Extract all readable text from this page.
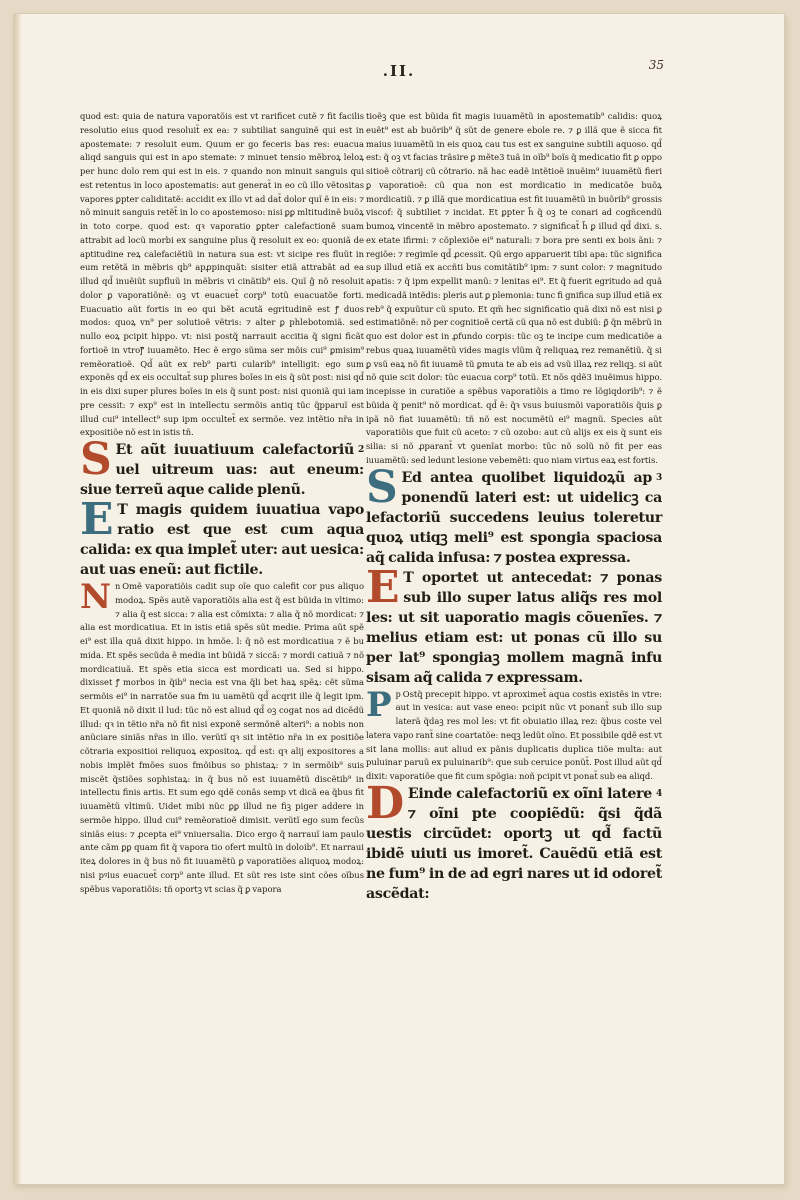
.II.	35
quod est: quia de natura vaporatõis est vt rarificet cutẽ ⁊ fit facilis resolutio eius quod resoluit̃ ex ea: ⁊ subtiliat sanguinẽ qui est in apostemate: ⁊ resoluit eum. Quum er go feceris bas res: euacua aliqd sanguis qui est in apo stemate: ⁊ minuet tensio mẽbroꝝ leloꝝ per hunc dolo rem qui est in eis. ⁊ quando non minuit sanguis qui est retentus in loco apostematis: aut generat̃ in eo cũ illo vẽtositas vapores ꝑpter caliditatẽ: accidit ex illo vt ad dat̃ dolor quĩ ẽ in eis: ⁊ nõ minuit sanguis retẽt̃ in lo co apostemoso: nisi ꝑꝑ mltitudinẽ buõꝝ in toto corpe. quod est: qꝛ vaporatio ꝑpter calefactionẽ suam attrabit ad locũ morbi ex sanguine plus q̃ resoluit ex eo: quoniã de aptitudine reꝝ calefaciẽtiũ in natura sua est: vt sicipe res fluũt in eum retẽtã in mẽbris qb⁹ apꝓpinquãt: sisiter etiã attrabãt ad ea illud qd̃ inuẽiũt supfluũ in mẽbris vi cinãtib⁹ eis. Quĩ ĝ nõ resoluit dolor ꝑ vaporatiõnẽ: oꝫ vt euacuet̃ corp⁹ totũ euacuatõe forti. Euacuatio aũt fortis in eo qui bẽt acutã egritudinẽ est ꝭ duos modos: quoꝝ vn⁹ per solutioẽ vẽtris: ⁊ alter ꝑ phlebotomiã. sed nullo eoꝝ pcipit hippo. vt: nisi postq̃ narrauit accitia q̃ signi ficãt fortioẽ in vtroꝭ̃ iuuamẽto. Hec ẽ ergo sũma ser mõis cui⁹ ꝑmisim⁹ remẽoratioẽ. Qd̃ aũt ex reb⁹ parti cularib⁹ intelligit: ego sum exponẽs qd̃ ex eis occultat̃ sup plures boĩes in eis q̃ sũt post: nisi qd̃ in eis dixi super plures boĩes in eis q̃ sunt post: nisi quoniã qui iam pre cessit: ⁊ exp⁹ est in intellectu sermõis antiq tũc q̃pparuĩ est illud cui⁹ intellect⁹ sup ipm occultet̃ ex sermõe. vez intẽtio nr̃a in expositiõe nõ est in istis tñ.
2
S Et aũt iuuatiuum calefactoriũ uel uitreum uas: aut eneum: siue terreũ aque calide plenũ.
E T magis quidem iuuatiua vapo ratio est que est cum aqua calida: ex qua implet̃ uter: aut uesica: aut uas eneũ: aut fictile.
N n Omẽ vaporatiõis cadit sup oĩe quo calefit cor pus aliquo modoꝝ. Spẽs autẽ vaporatiõis alia est q̃ est bũida in vltimo: ⁊ alia q̃ est sicca: ⁊ alia est cõmixta: ⁊ alia q̃ nõ mordicat: ⁊ alia est mordicatiua. Et in istis etiã spẽs sũt medie. Prima aũt spẽ ei⁹ est illa quã dixit hippo. in hmõe. l: q̃ nõ est mordicatiua ⁊ ẽ bu mida. Et spẽs secũda ẽ media int bũidã ⁊ siccã: ⁊ mordi catiuã ⁊ nõ mordicatiuã. Et spẽs etia sicca est mordicati ua. Sed si hippo. dixisset ꝭ morbos in q̃ib⁹ necia est vna q̃li bet haꝝ spẽꝝ: cẽt sũma sermõis ei⁹ in narratõe sua fm iu uamẽtũ qd̃ acqrit ille q̃ legit ipm. Et quoniã nõ dixit il lud: tũc nõ est aliud qd̃ oꝫ cogat nos ad dicẽdũ illud: qꝛ in tẽtio nr̃a nõ fit nisi exponẽ sermõnẽ alteri⁹: a nobis non anũciare siniãs nr̃as in illo. verũtĩ qꝛ sit intẽtio nr̃a in ex positiõe cõtraria expositioi reliquoꝝ expositoꝝ. qd̃ est: qꝛ alij expositores a nobis implẽt fmões suos fmõibus so phistaꝝ: ⁊ in sermõib⁹ suis miscẽt q̃stiões sophistaꝝ: in q̃ bus nõ est iuuamẽtũ discẽtib⁹ in intellectu finis artis. Et sum ego qdẽ conãs semp vt dicã ea q̃bus fit iuuamẽtũ vltimũ. Uidet mibi nũc ꝑꝑ illud ne fiꝫ piger addere in sermõe hippo. illud cui⁹ remẽoratioẽ dimisit. verũtĩ ego sum fecũs siniãs eius: ⁊ ꝓcepta ei⁹ vniuersalia. Dico ergo q̃ narrauĩ iam paulo ante cãm ꝑꝑ quam fit q̃ vapora tio ofert multũ in doloib⁹. Et narraui iteꝝ dolores in q̃ bus nõ fit iuuamẽtũ ꝑ vaporatiões aliquoꝝ modoꝝ: nisi pꝰius euacuet̃ corp⁹ ante illud. Et sũt res iste sint cões oĩbus spẽbus vaporatiõis: tñ oportꝫ vt scias q̃ ꝑ vapora
tioẽꝫ que est bũida fit magis iuuamẽtũ in apostematib⁹ calidis: quoꝝ euẽt⁹ est ab buõrib⁹ q̃ sũt de genere ebole re. ⁊ ꝑ illã que ẽ sicca fit maius iuuamẽtũ in eis quoꝝ cau tus est ex sanguine subtili aquoso. qd̃ est: q̃ oꝫ vt facias trãsire ꝑ mẽte3 tuã in oĩb⁹ boĩs q̃ medicatio fit ꝑ oppo sitioẽ cõtrarij cũ cõtrario. nã hac eadẽ intẽtioẽ inuẽim⁹ iuuamẽtũ fieri ꝑ vaporatioẽ: cũ qua non est mordicatio in medicatõe buõꝝ mordicatiũ. ⁊ ꝑ illã que mordicatiua est fit iuuamẽtũ in buõrib⁹ grossis viscof: q̃ subtiliet ⁊ incidat. Et ꝑpter h̃ q̃ oꝫ te conari ad cogñcendũ bumoꝝ vincentẽ in mẽbro apostemato. ⁊ significat̃ h̃ ꝑ illud qd̃ dixi. s. ex etate ifirmi: ⁊ cõplexiõe ei⁹ naturali: ⁊ bora pre senti ex bois ãni: ⁊ regiõe: ⁊ regimĩe qd̃ ꝓcessit. Qũ ergo apparuerit tibi apa: tũc significa sup illud etiã ex accñti bus comitãtib⁹ ipm: ⁊ sunt color: ⁊ magnitudo apatis: ⁊ q̃ ipm expellit manũ: ⁊ lenitas ei⁹. Et q̃ fuerit egritudo ad quã medicadã intẽdis: pleris aut ꝑ plemonia: tunc fi gnifica sup illud etiã ex reb⁹ q̃ expuũtur cũ sputo. Et qm̃ hec significatio quã dixi nõ est nisi ꝑ estimatiõnẽ: nõ per cognitioẽ certã cũ qua nõ est dubiũ: ꝑ̃ q̃n mẽbrũ in quo est dolor est in ꝓfundo corpis: tũc oꝫ te incipe cum medicatiõe a rebus quaꝝ iuuamẽtũ vides magis vlũm q̃ reliquaꝝ rez remanẽtiũ. q̃ si ꝑ vsũ eaꝝ nõ fit iuuamẽ tũ ꝑmuta te ab eis ad vsũ illaꝝ rez reliqꝫ. si aũt nõ quie scit dolor: tũc euacua corp⁹ totũ. Et nõs qdẽ3 inuẽimus hippo. incepisse in curatiõe a spẽbus vaporatiõis a timo re lõgiqdorib⁹: ⁊ ẽ bũida q̃ penit⁹ nõ mordicat. qd̃ ẽ: q̃ꝛ vsus buiusmõi vaporatiõis q̃uis ꝑ ipã nõ fiat iuuamẽtũ: tñ nõ est nocumẽtũ ei⁹ magnũ. Species aũt vaporatiõis que fuit cũ aceto: ⁊ cũ ozobo: aut cũ alijs ex eis q̃ sunt eis silia: si nõ ꝓparant̃ vt ꝯuenĩat morbo: tũc nõ solũ nõ fit per eas iuuamẽtũ: sed ledunt lesione vebemẽti: quo niam virtus eaꝝ est fortis.
3
S Ed antea quolibet liquidoꝝũ ap ponendũ lateri est: ut uidelicꝫ ca lefactoriũ succedens leuius toleretur quoꝝ utiqꝫ meli⁹ est spongia spaciosa aq̃ calida infusa: ⁊ postea expressa.
E T oportet ut antecedat: ⁊ ponas sub illo super latus aliq̃s res mol les: ut sit uaporatio magis cõuenĩes. ⁊ melius etiam est: ut ponas cũ illo su per lat⁹ spongiaꝫ mollem magnã infu sisam aq̃ calida ⁊ expressam.
P p Ostq̃ precepit hippo. vt aproximet̃ aqua costis existẽs in vtre: aut in vesica: aut vase eneo: pcipit nũc vt ponant̃ sub illo sup laterã q̃daꝫ res mol les: vt fit obuiatio illaꝝ rez: q̃bus coste vel latera vapo rant̃ sine coartatõe: neqꝫ ledũt oĩno. Et possibile qdẽ est vt sit lana mollis: aut aliud ex pãnis duplicatis duplica tiõe multa: aut puluinar paruũ ex puluinarib⁹: que sub ceruice ponũt̃. Post illud aũt qd̃ dixit: vaporatiõe que fit cum spõgia: noñ pcipit vt ponat̃ sub ea aliqd.
4
D Einde calefactoriũ ex oĩni latere ⁊ oĩni pte coopiẽdũ: q̃si q̃dã uestis circũdet: oportꝫ ut qd̃ factũ ibidẽ uiuti us imoret̃. Cauẽdũ etiã est ne fum⁹ in de ad egri nares ut id odoret̃ ascẽdat:
